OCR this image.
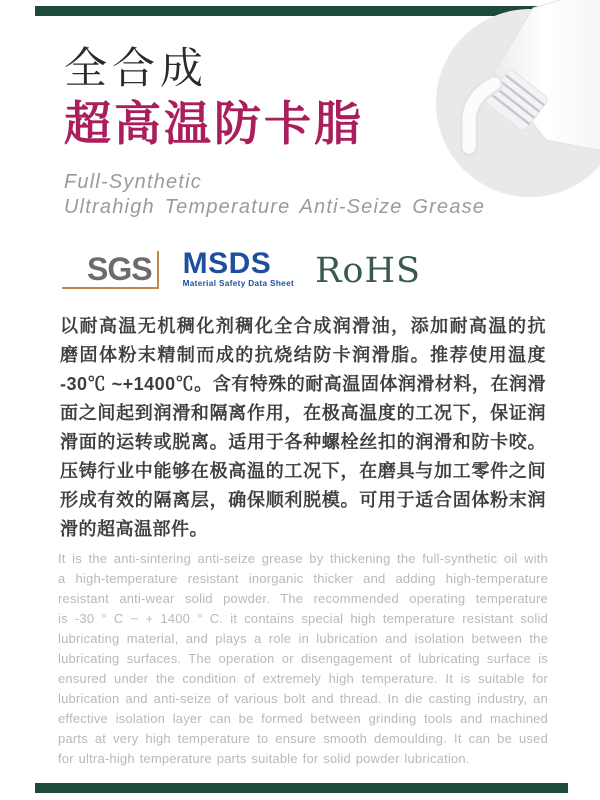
全合成
超高温防卡脂
Full-Synthetic
Ultrahigh Temperature Anti-Seize Grease
SGS MSDS
Material Safety Data Sheet RoHS
以耐高温无机稠化剂稠化全合成润滑油，添加耐高温的抗
磨固体粉末精制而成的抗烧结防卡润滑脂。推荐使用温度
-30℃ ~+1400℃。含有特殊的耐高温固体润滑材料，在润滑
面之间起到润滑和隔离作用，在极高温度的工况下，保证润
滑面的运转或脱离。适用于各种螺栓丝扣的润滑和防卡咬。
压铸行业中能够在极高温的工况下，在磨具与加工零件之间
形成有效的隔离层，确保顺利脱模。可用于适合固体粉末润
滑的超高温部件。
It is the anti-sintering anti-seize grease by thickening the full-synthetic oil with
a high-temperature resistant inorganic thicker and adding high-temperature
resistant anti-wear solid powder. The recommended operating temperature
is -30 ° C ~ + 1400 ° C. it contains special high temperature resistant solid
lubricating material, and plays a role in lubrication and isolation between the
lubricating surfaces. The operation or disengagement of lubricating surface is
ensured under the condition of extremely high temperature. It is suitable for
lubrication and anti-seize of various bolt and thread. In die casting industry, an
effective isolation layer can be formed between grinding tools and machined
parts at very high temperature to ensure smooth demoulding. It can be used
for ultra-high temperature parts suitable for solid powder lubrication.
